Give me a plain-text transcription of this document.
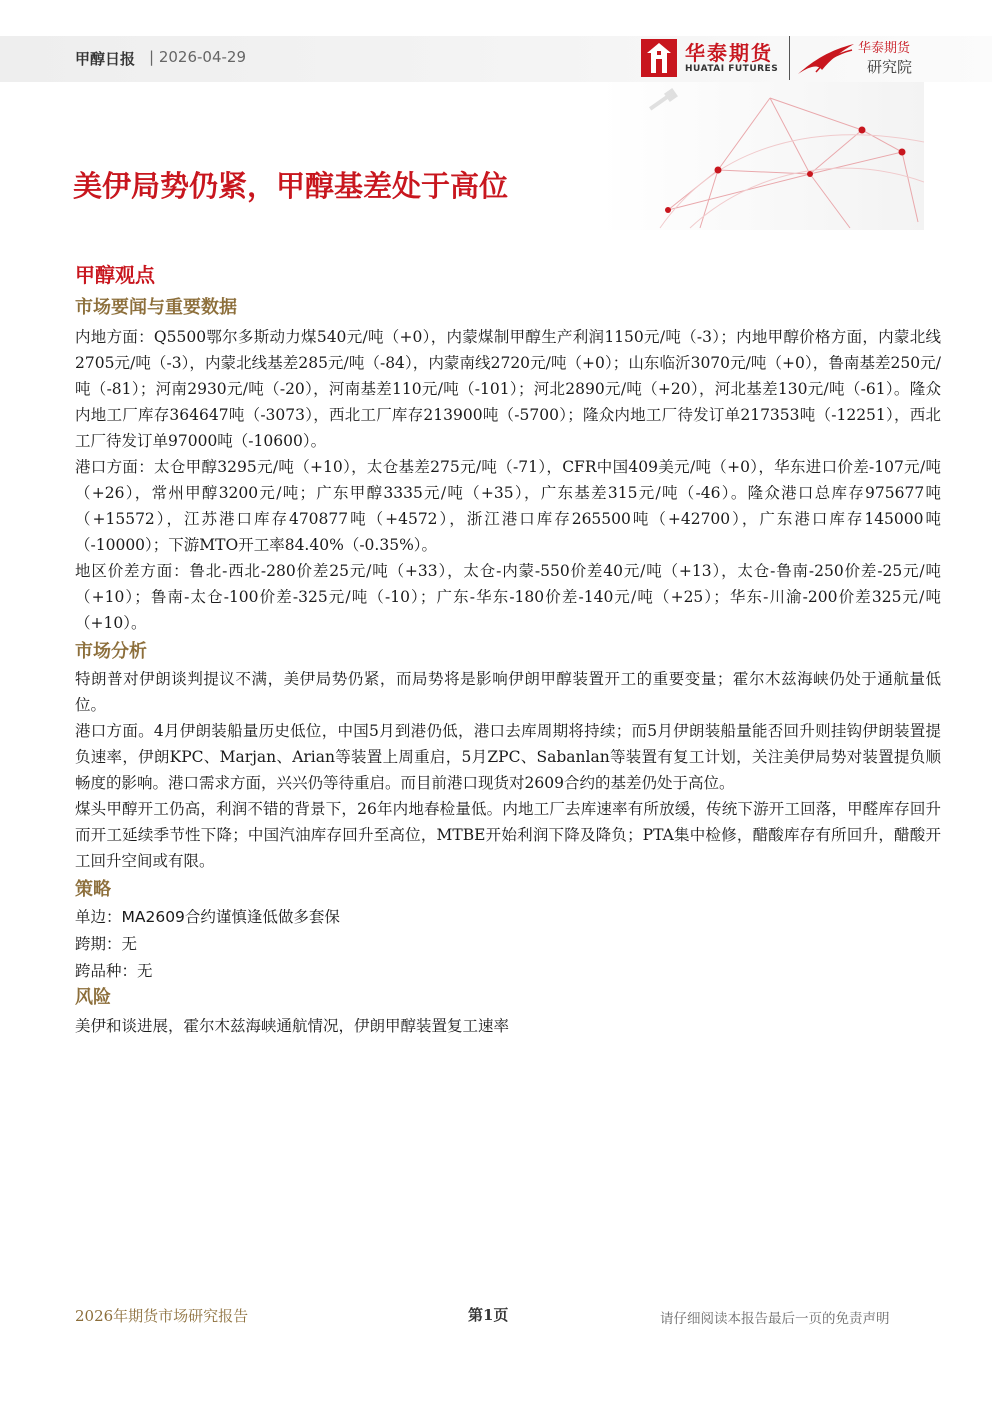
甲醇日报 | 2026-04-29	华泰期货
HUATAI FUTURES
华泰期货
研究院
美伊局势仍紧，甲醇基差处于高位
甲醇观点
市场要闻与重要数据

内地方面：Q5500鄂尔多斯动力煤540元/吨（+0），内蒙煤制甲醇生产利润1150元/吨（-3）；内地甲醇价格方面，内蒙北线2705元/吨（-3），内蒙北线基差285元/吨（-84），内蒙南线2720元/吨（+0）；山东临沂3070元/吨（+0），鲁南基差250元/吨（-81）；河南2930元/吨（-20），河南基差110元/吨（-101）；河北2890元/吨（+20），河北基差130元/吨（-61）。隆众内地工厂库存364647吨（-3073），西北工厂库存213900吨（-5700）；隆众内地工厂待发订单217353吨（-12251），西北工厂待发订单97000吨（-10600）。

港口方面：太仓甲醇3295元/吨（+10），太仓基差275元/吨（-71），CFR中国409美元/吨（+0），华东进口价差-107元/吨（+26），常州甲醇3200元/吨；广东甲醇3335元/吨（+35），广东基差315元/吨（-46）。隆众港口总库存975677吨（+15572），江苏港口库存470877吨（+4572），浙江港口库存265500吨（+42700），广东港口库存145000吨（-10000）；下游MTO开工率84.40%（-0.35%）。

地区价差方面：鲁北-西北-280价差25元/吨（+33），太仓-内蒙-550价差40元/吨（+13），太仓-鲁南-250价差-25元/吨（+10）；鲁南-太仓-100价差-325元/吨（-10）；广东-华东-180价差-140元/吨（+25）；华东-川渝-200价差325元/吨（+10）。

市场分析

特朗普对伊朗谈判提议不满，美伊局势仍紧，而局势将是影响伊朗甲醇装置开工的重要变量；霍尔木兹海峡仍处于通航量低位。

港口方面。4月伊朗装船量历史低位，中国5月到港仍低，港口去库周期将持续；而5月伊朗装船量能否回升则挂钩伊朗装置提负速率，伊朗KPC、Marjan、Arian等装置上周重启，5月ZPC、Sabanlan等装置有复工计划，关注美伊局势对装置提负顺畅度的影响。港口需求方面，兴兴仍等待重启。而目前港口现货对2609合约的基差仍处于高位。

煤头甲醇开工仍高，利润不错的背景下，26年内地春检量低。内地工厂去库速率有所放缓，传统下游开工回落，甲醛库存回升而开工延续季节性下降；中国汽油库存回升至高位，MTBE开始利润下降及降负；PTA集中检修，醋酸库存有所回升，醋酸开工回升空间或有限。

策略

单边：MA2609合约谨慎逢低做多套保

跨期：无

跨品种：无

风险

美伊和谈进展，霍尔木兹海峡通航情况，伊朗甲醇装置复工速率

2026年期货市场研究报告	第1页	请仔细阅读本报告最后一页的免责声明
